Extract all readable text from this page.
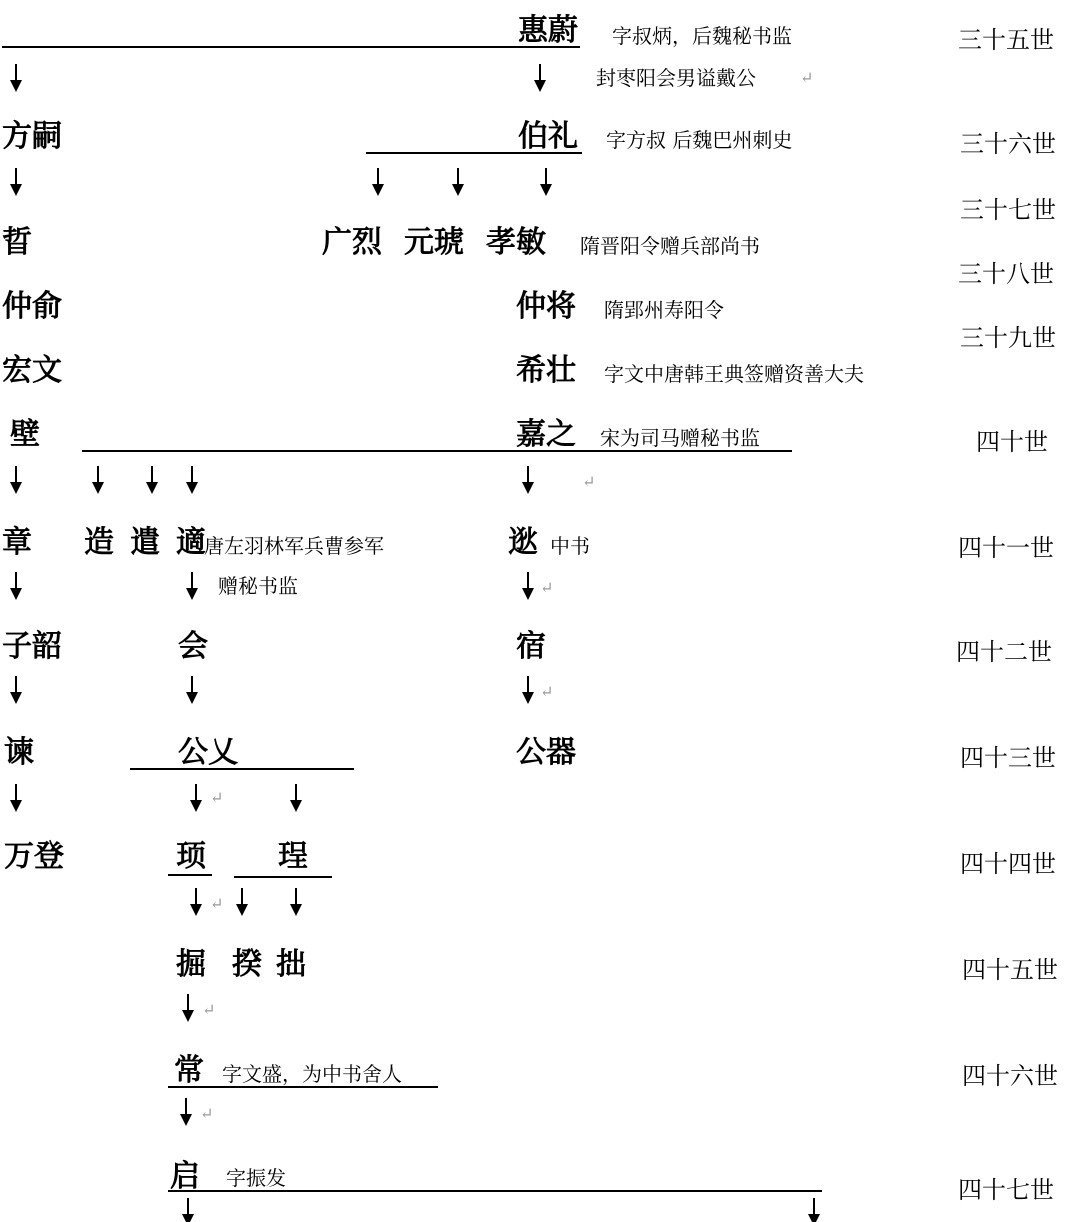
三十五世
三十六世
三十七世
三十八世
三十九世
四十世
四十一世
四十二世
四十三世
四十四世
四十五世
四十六世
四十七世
惠蔚 字叔炳，后魏秘书监
封枣阳会男谥戴公	↵
方嗣	伯礼 字方叔 后魏巴州刺史
晢	广烈 元琥 孝敏 隋晋阳令赠兵部尚书
仲俞	仲将 隋郢州寿阳令
宏文	希壮 字文中唐韩王典签赠资善大夫
壁	嘉之 宋为司马赠秘书监
↵
章 造 遣 適
唐左羽林军兵曹参军	逖 中书
赠秘书监	↵
子韶	会	宿
↵
谏	公乂	公器
↵
万登	顼 珵
↵
掘 揆 拙
↵
常 字文盛，为中书舍人
↵
启 字振发
